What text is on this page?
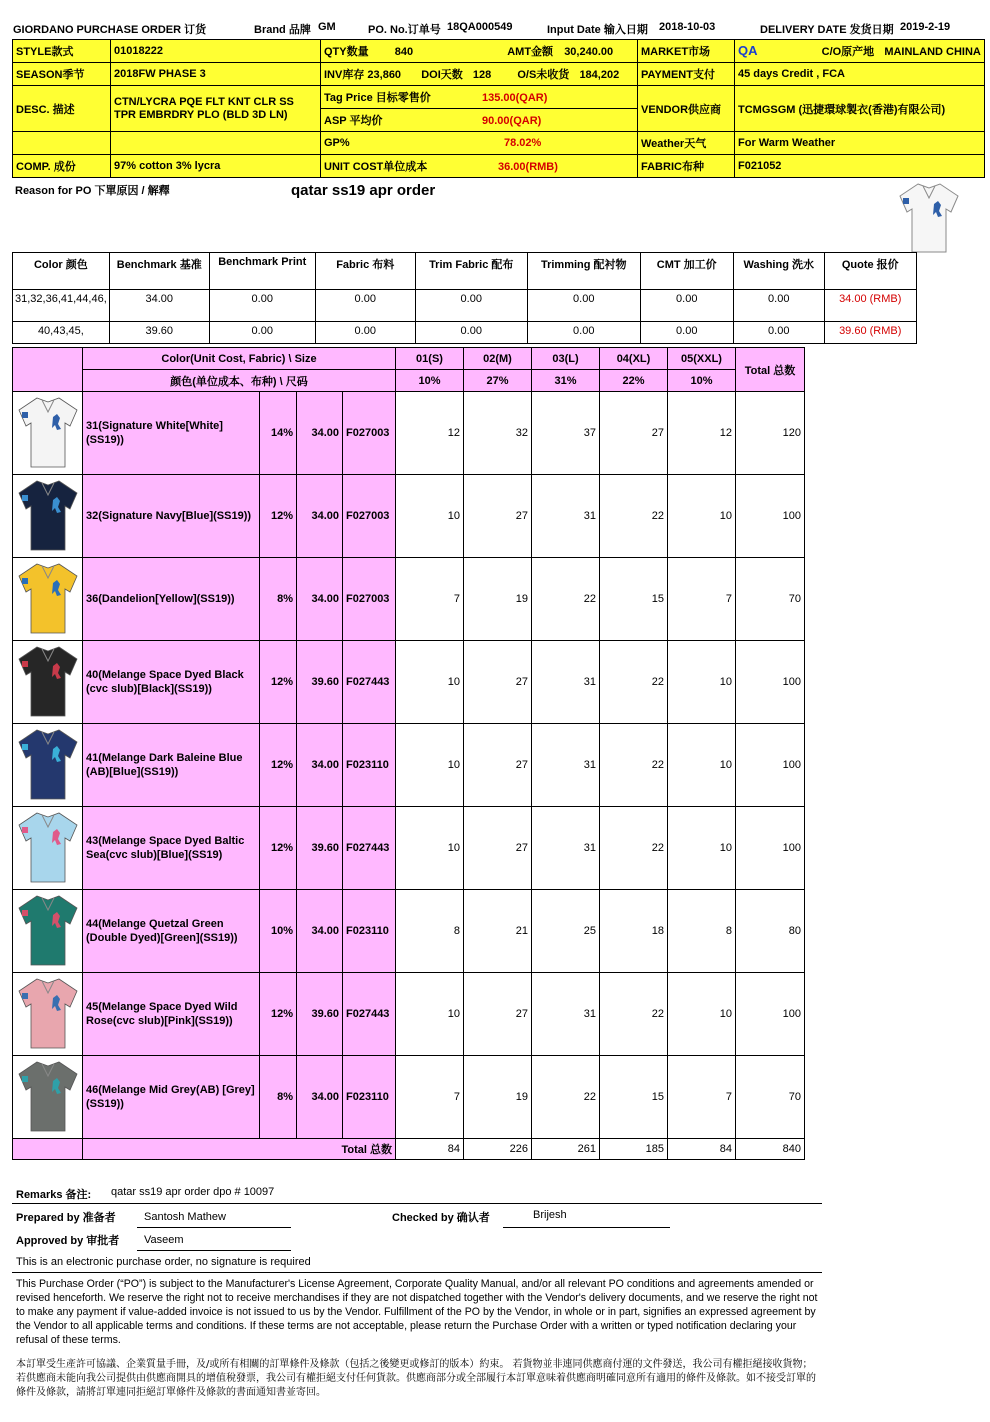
GIORDANO PURCHASE ORDER 订货	Brand 品牌 GM	PO. No.订单号 18QA000549	Input Date 输入日期 2018-10-03	DELIVERY DATE 发货日期 2019-2-19
STYLE款式	01018222	QTY数量 840 AMT金额 30,240.00	MARKET市场	QA C/O原产地 MAINLAND CHINA
SEASON季节	2018FW PHASE 3	INV库存 23,860 DOI天数 128 O/S未收货 184,202	PAYMENT支付	45 days Credit , FCA
DESC. 描述	CTN/LYCRA PQE FLT KNT CLR SS TPR EMBRDRY PLO (BLD 3D LN)	Tag Price 目标零售价 135.00(QAR)	VENDOR供应商	TCMGSGM (迅捷環球製衣(香港)有限公司)
		ASP 平均价 90.00(QAR)		
		GP% 78.02%	Weather天气	For Warm Weather
COMP. 成份	97% cotton 3% lycra	UNIT COST单位成本 36.00(RMB)	FABRIC布种	F021052
Reason for PO 下單原因 / 解釋	qatar ss19 apr order
Color 颜色	Benchmark 基准	Benchmark Print	Fabric 布料	Trim Fabric 配布	Trimming 配衬物	CMT 加工价	Washing 洗水	Quote 报价
31,32,36,41,44,46,	34.00	0.00	0.00	0.00	0.00	0.00	0.00	34.00 (RMB)
40,43,45,	39.60	0.00	0.00	0.00	0.00	0.00	0.00	39.60 (RMB)
	Color(Unit Cost, Fabric) \ Size				01(S)	02(M)	03(L)	04(XL)	05(XXL)	Total 总数
	颜色(单位成本、布种) \ 尺码				10%	27%	31%	22%	10%	
	31(Signature White[White](SS19))	14%	34.00	F027003	12	32	37	27	12	120
	32(Signature Navy[Blue](SS19))	12%	34.00	F027003	10	27	31	22	10	100
	36(Dandelion[Yellow](SS19))	8%	34.00	F027003	7	19	22	15	7	70
	40(Melange Space Dyed Black (cvc slub)[Black](SS19))	12%	39.60	F027443	10	27	31	22	10	100
	41(Melange Dark Baleine Blue (AB)[Blue](SS19))	12%	34.00	F023110	10	27	31	22	10	100
	43(Melange Space Dyed Baltic Sea(cvc slub)[Blue](SS19)	12%	39.60	F027443	10	27	31	22	10	100
	44(Melange Quetzal Green (Double Dyed)[Green](SS19))	10%	34.00	F023110	8	21	25	18	8	80
	45(Melange Space Dyed Wild Rose(cvc slub)[Pink](SS19))	12%	39.60	F027443	10	27	31	22	10	100
	46(Melange Mid Grey(AB) [Grey](SS19))	8%	34.00	F023110	7	19	22	15	7	70
	Total 总数				84	226	261	185	84	840
Remarks 备注: qatar ss19 apr order dpo # 10097
Prepared by 准备者	Santosh Mathew	Checked by 确认者	Brijesh
Approved by 审批者 Vaseem
This is an electronic purchase order, no signature is required
This Purchase Order (“PO”) is subject to the Manufacturer's License Agreement, Corporate Quality Manual, and/or all relevant PO conditions and agreements amended or revised henceforth. We reserve the right not to receive merchandises if they are not dispatched together with the Vendor's delivery documents, and we reserve the right not to make any payment if value-added invoice is not issued to us by the Vendor. Fulfillment of the PO by the Vendor, in whole or in part, signifies an expressed agreement by the Vendor to all applicable terms and conditions. If these terms are not acceptable, please return the Purchase Order with a written or typed notification declaring your refusal of these terms.
本訂單受生產許可協議、企業質量手冊，及/或所有相關的訂單條件及條款（包括之後變更或修訂的版本）約束。 若貨物並非連同供應商付運的文件發送，我公司有權拒絕接收貨物；若供應商未能向我公司提供由供應商開具的增值稅發票，我公司有權拒絕支付任何貨款。供應商部分或全部履行本訂單意味着供應商明確同意所有適用的條件及條款。如不接受訂單的條件及條款，請將訂單連同拒絕訂單條件及條款的書面通知書並寄回。
